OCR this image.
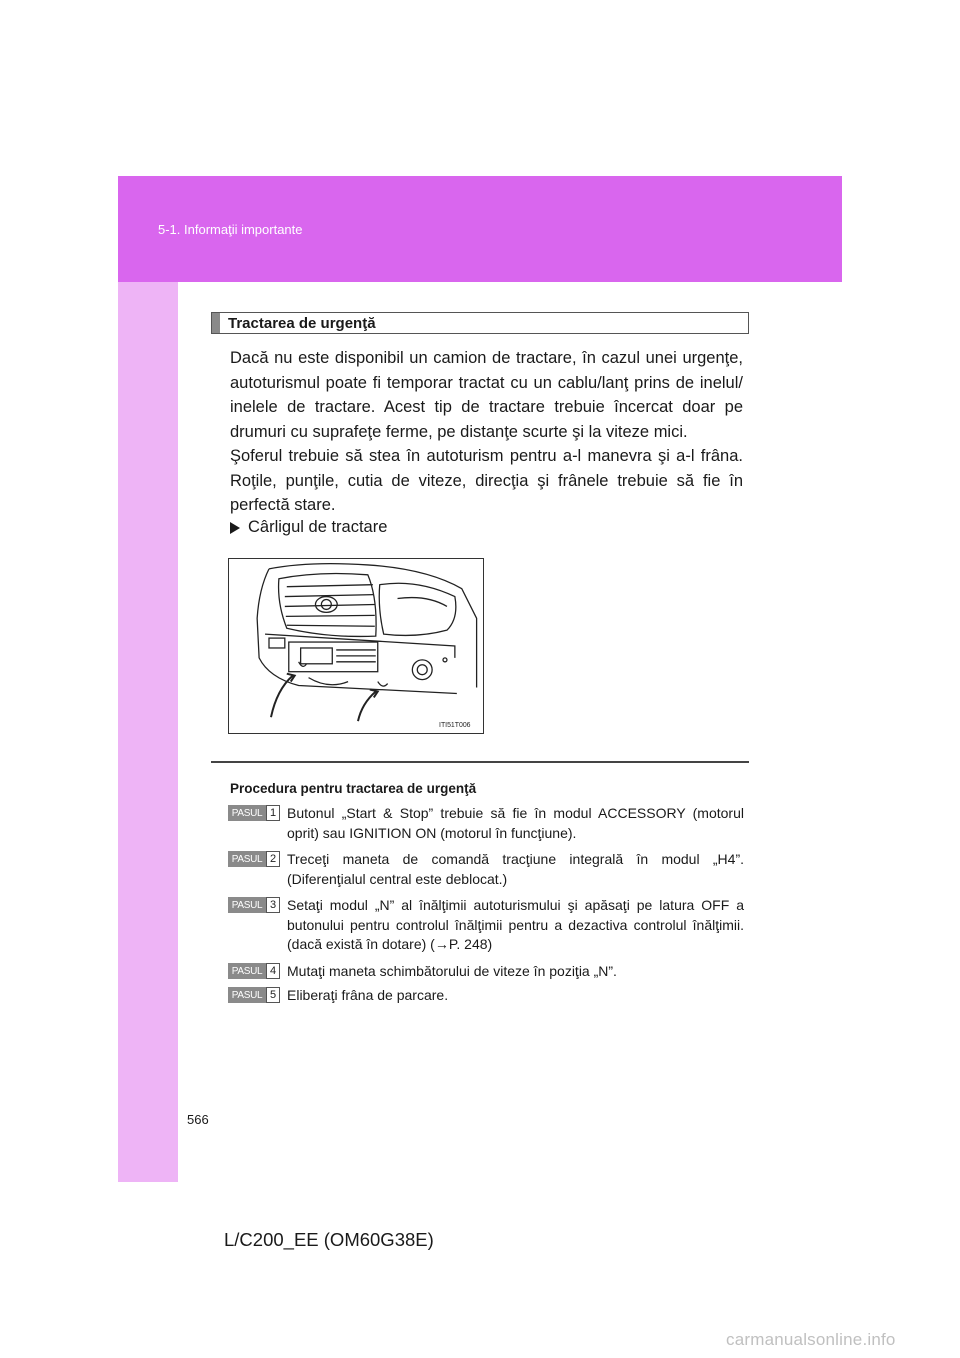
5-1. Informaţii importante
Tractarea de urgenţă

Dacă nu este disponibil un camion de tractare, în cazul unei urgenţe, autoturismul poate fi temporar tractat cu un cablu/lanţ prins de inelul/ inelele de tractare. Acest tip de tractare trebuie încercat doar pe drumuri cu suprafeţe ferme, pe distanţe scurte şi la viteze mici.

Şoferul trebuie să stea în autoturism pentru a-l manevra şi a-l frâna. Roţile, punţile, cutia de viteze, direcţia şi frânele trebuie să fie în perfectă stare.

Cârligul de tractare
ITI51T006
Procedura pentru tractarea de urgenţă
PASUL 1 Butonul „Start & Stop” trebuie să fie în modul ACCESSORY (motorul oprit) sau IGNITION ON (motorul în funcţiune).
PASUL 2 Treceţi maneta de comandă tracţiune integrală în modul „H4”. (Diferenţialul central este deblocat.)
PASUL 3 Setaţi modul „N” al înălţimii autoturismului şi apăsaţi pe latura OFF a butonului pentru controlul înălţimii pentru a dezactiva controlul înălţimii. (dacă există în dotare) (→P. 248)
PASUL 4 Mutaţi maneta schimbătorului de viteze în poziţia „N”.
PASUL 5 Eliberaţi frâna de parcare.
566
L/C200_EE (OM60G38E)
carmanualsonline.info
